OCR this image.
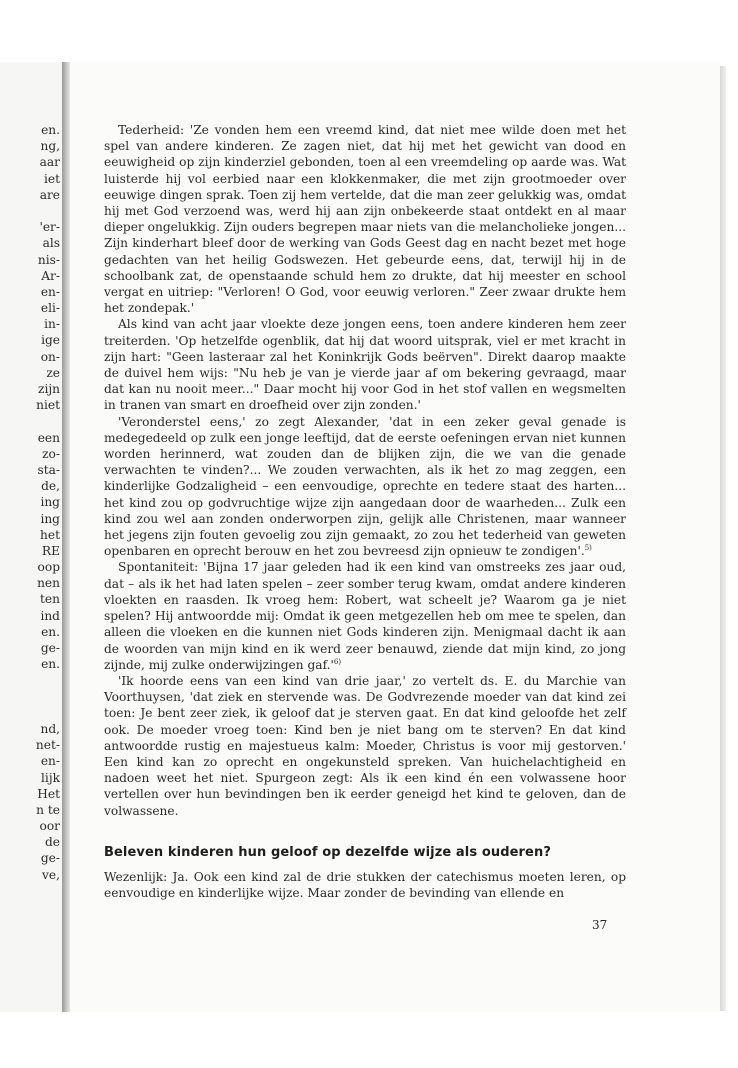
en.
ng,
aar
iet
are
'er-
als
nis-
Ar-
en-
eli-
in-
ige
on-
ze
zijn
niet
een
zo-
sta-
de,
ing
ing
het
RE
oop
nen
ten
ind
en.
ge-
en.
nd,
net-
en-
lijk
Het
n te
oor
de
ge-
ve,

Tederheid: 'Ze vonden hem een vreemd kind, dat niet mee wilde doen met het spel van andere kinderen. Ze zagen niet, dat hij met het gewicht van dood en eeuwigheid op zijn kinderziel gebonden, toen al een vreemdeling op aarde was. Wat luisterde hij vol eerbied naar een klokkenmaker, die met zijn grootmoeder over eeuwige dingen sprak. Toen zij hem vertelde, dat die man zeer gelukkig was, omdat hij met God verzoend was, werd hij aan zijn onbekeerde staat ontdekt en al maar dieper ongelukkig. Zijn ouders begrepen maar niets van die melancholieke jongen... Zijn kinderhart bleef door de werking van Gods Geest dag en nacht bezet met hoge gedachten van het heilig Godswezen. Het gebeurde eens, dat, terwijl hij in de schoolbank zat, de openstaande schuld hem zo drukte, dat hij meester en school vergat en uitriep: "Verloren! O God, voor eeuwig verloren." Zeer zwaar drukte hem het zondepak.'

Als kind van acht jaar vloekte deze jongen eens, toen andere kinderen hem zeer treiterden. 'Op hetzelfde ogenblik, dat hij dat woord uitsprak, viel er met kracht in zijn hart: "Geen lasteraar zal het Koninkrijk Gods beërven". Direkt daarop maakte de duivel hem wijs: "Nu heb je van je vierde jaar af om bekering gevraagd, maar dat kan nu nooit meer..." Daar mocht hij voor God in het stof vallen en wegsmelten in tranen van smart en droefheid over zijn zonden.'

'Veronderstel eens,' zo zegt Alexander, 'dat in een zeker geval genade is medegedeeld op zulk een jonge leeftijd, dat de eerste oefeningen ervan niet kunnen worden herinnerd, wat zouden dan de blijken zijn, die we van die genade verwachten te vinden?... We zouden verwachten, als ik het zo mag zeggen, een kinderlijke Godzaligheid – een eenvoudige, oprechte en tedere staat des harten... het kind zou op godvruchtige wijze zijn aangedaan door de waarheden... Zulk een kind zou wel aan zonden onderworpen zijn, gelijk alle Christenen, maar wanneer het jegens zijn fouten gevoelig zou zijn gemaakt, zo zou het tederheid van geweten openbaren en oprecht berouw en het zou bevreesd zijn opnieuw te zondigen'.$^{5)}$

Spontaniteit: 'Bijna 17 jaar geleden had ik een kind van omstreeks zes jaar oud, dat – als ik het had laten spelen – zeer somber terug kwam, omdat andere kinderen vloekten en raasden. Ik vroeg hem: Robert, wat scheelt je? Waarom ga je niet spelen? Hij antwoordde mij: Omdat ik geen metgezellen heb om mee te spelen, dan alleen die vloeken en die kunnen niet Gods kinderen zijn. Menigmaal dacht ik aan de woorden van mijn kind en ik werd zeer benauwd, ziende dat mijn kind, zo jong zijnde, mij zulke onderwijzingen gaf.'$^{6)}$

'Ik hoorde eens van een kind van drie jaar,' zo vertelt ds. E. du Marchie van Voorthuysen, 'dat ziek en stervende was. De Godvrezende moeder van dat kind zei toen: Je bent zeer ziek, ik geloof dat je sterven gaat. En dat kind geloofde het zelf ook. De moeder vroeg toen: Kind ben je niet bang om te sterven? En dat kind antwoordde rustig en majestueus kalm: Moeder, Christus is voor mij gestorven.' Een kind kan zo oprecht en ongekunsteld spreken. Van huichelachtigheid en nadoen weet het niet. Spurgeon zegt: Als ik een kind én een volwassene hoor vertellen over hun bevindingen ben ik eerder geneigd het kind te geloven, dan de volwassene.

Beleven kinderen hun geloof op dezelfde wijze als ouderen?

Wezenlijk: Ja. Ook een kind zal de drie stukken der catechismus moeten leren, op eenvoudige en kinderlijke wijze. Maar zonder de bevinding van ellende en

37
